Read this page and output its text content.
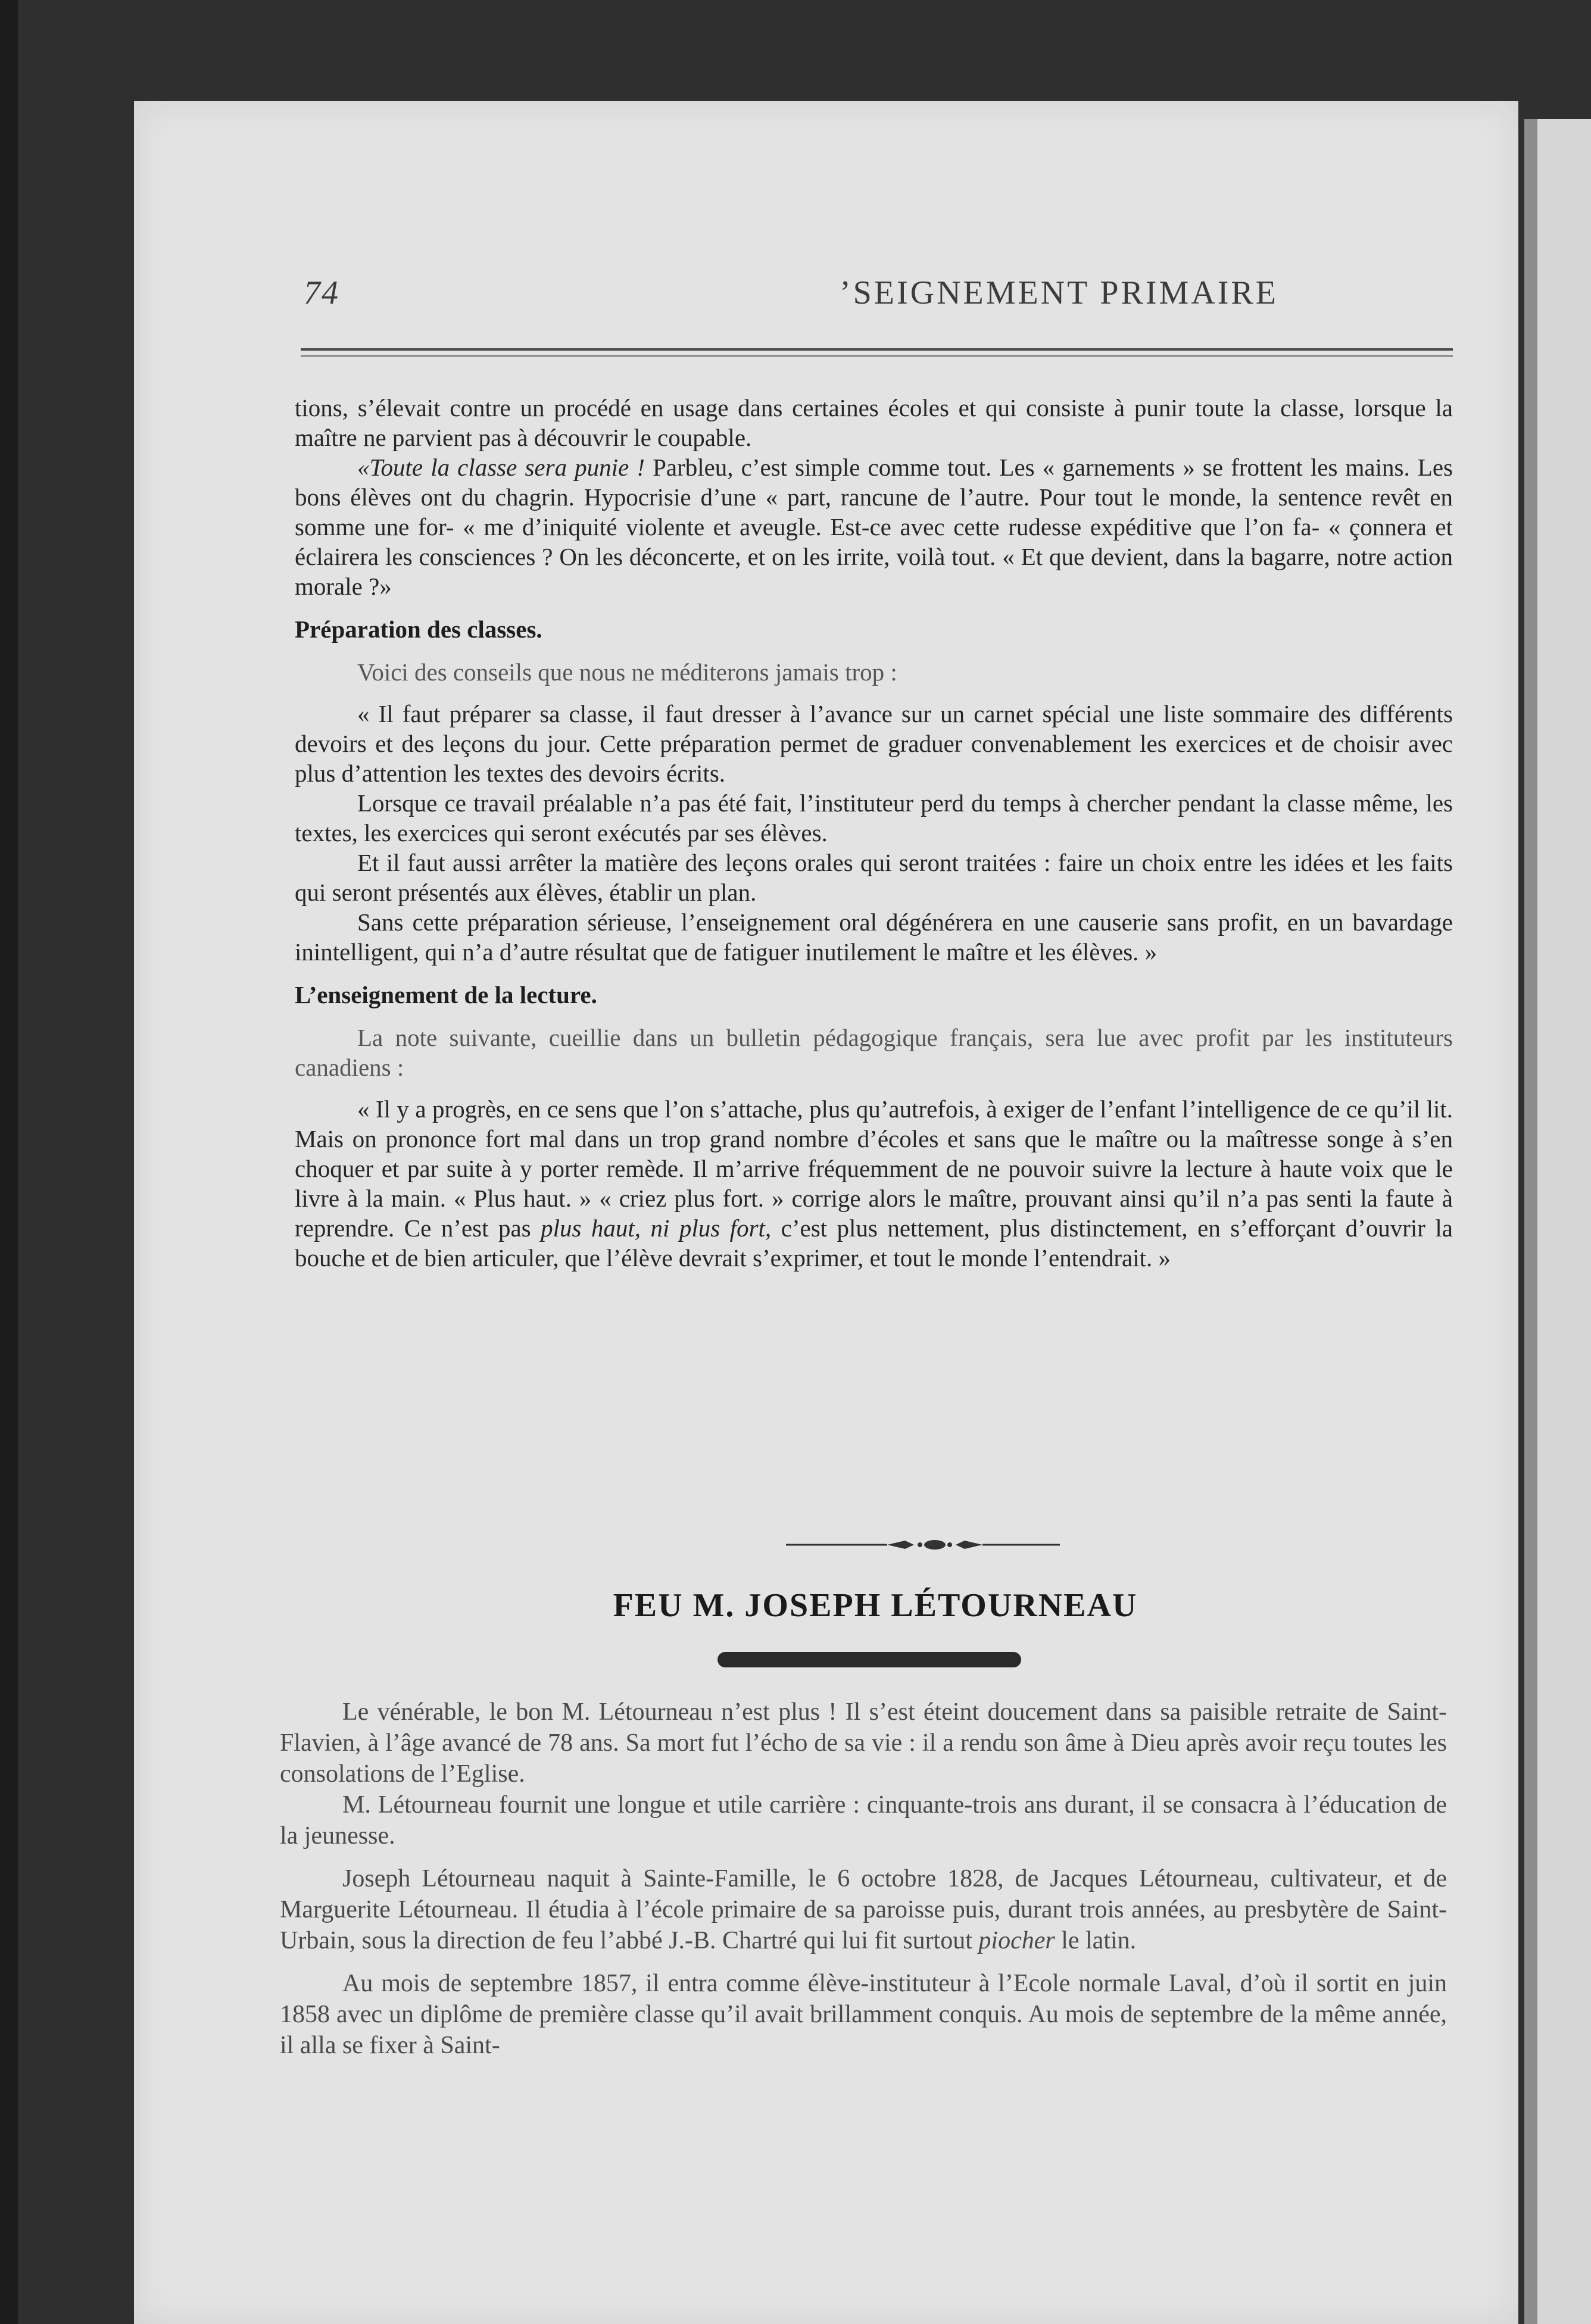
74	’SEIGNEMENT PRIMAIRE

tions, s’élevait contre un procédé en usage dans certaines écoles et qui consiste à punir toute la classe, lorsque la maître ne parvient pas à découvrir le coupable.

«Toute la classe sera punie ! Parbleu, c’est simple comme tout. Les « garnements » se frottent les mains. Les bons élèves ont du chagrin. Hypocrisie d’une « part, rancune de l’autre. Pour tout le monde, la sentence revêt en somme une for- « me d’iniquité violente et aveugle. Est-ce avec cette rudesse expéditive que l’on fa- « çonnera et éclairera les consciences ? On les déconcerte, et on les irrite, voilà tout. « Et que devient, dans la bagarre, notre action morale ?»

Préparation des classes.

Voici des conseils que nous ne méditerons jamais trop :

« Il faut préparer sa classe, il faut dresser à l’avance sur un carnet spécial une liste sommaire des différents devoirs et des leçons du jour. Cette préparation permet de graduer convenablement les exercices et de choisir avec plus d’attention les textes des devoirs écrits.

Lorsque ce travail préalable n’a pas été fait, l’instituteur perd du temps à chercher pendant la classe même, les textes, les exercices qui seront exécutés par ses élèves.

Et il faut aussi arrêter la matière des leçons orales qui seront traitées : faire un choix entre les idées et les faits qui seront présentés aux élèves, établir un plan.

Sans cette préparation sérieuse, l’enseignement oral dégénérera en une causerie sans profit, en un bavardage inintelligent, qui n’a d’autre résultat que de fatiguer inutilement le maître et les élèves. »

L’enseignement de la lecture.

La note suivante, cueillie dans un bulletin pédagogique français, sera lue avec profit par les instituteurs canadiens :

« Il y a progrès, en ce sens que l’on s’attache, plus qu’autrefois, à exiger de l’enfant l’intelligence de ce qu’il lit. Mais on prononce fort mal dans un trop grand nombre d’écoles et sans que le maître ou la maîtresse songe à s’en choquer et par suite à y porter remède. Il m’arrive fréquemment de ne pouvoir suivre la lecture à haute voix que le livre à la main. « Plus haut. » « criez plus fort. » corrige alors le maître, prouvant ainsi qu’il n’a pas senti la faute à reprendre. Ce n’est pas plus haut, ni plus fort, c’est plus nettement, plus distinctement, en s’efforçant d’ouvrir la bouche et de bien articuler, que l’élève devrait s’exprimer, et tout le monde l’entendrait. »

FEU M. JOSEPH LÉTOURNEAU

Le vénérable, le bon M. Létourneau n’est plus ! Il s’est éteint doucement dans sa paisible retraite de Saint-Flavien, à l’âge avancé de 78 ans. Sa mort fut l’écho de sa vie : il a rendu son âme à Dieu après avoir reçu toutes les consolations de l’Eglise.

M. Létourneau fournit une longue et utile carrière : cinquante-trois ans durant, il se consacra à l’éducation de la jeunesse.

Joseph Létourneau naquit à Sainte-Famille, le 6 octobre 1828, de Jacques Létourneau, cultivateur, et de Marguerite Létourneau. Il étudia à l’école primaire de sa paroisse puis, durant trois années, au presbytère de Saint-Urbain, sous la direction de feu l’abbé J.-B. Chartré qui lui fit surtout piocher le latin.

Au mois de septembre 1857, il entra comme élève-instituteur à l’Ecole normale Laval, d’où il sortit en juin 1858 avec un diplôme de première classe qu’il avait brillamment conquis. Au mois de septembre de la même année, il alla se fixer à Saint-
